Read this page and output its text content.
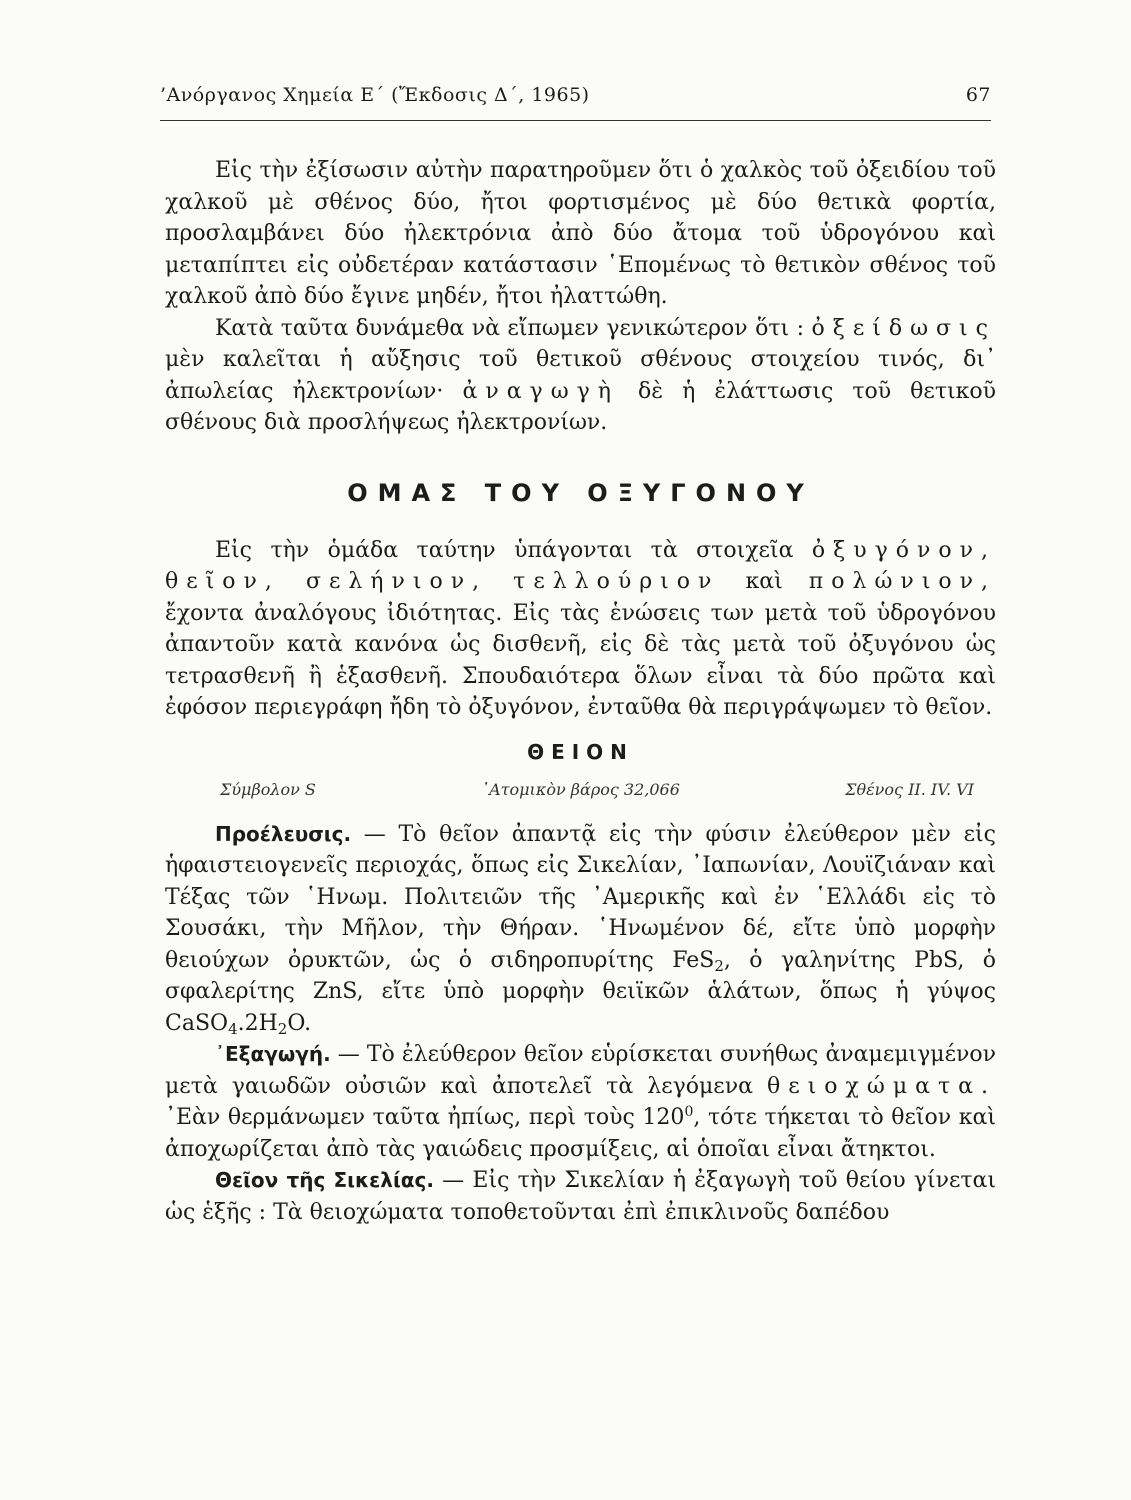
’Ανόργανος Χημεία Ε΄ (Ἔκδοσις Δ΄, 1965)	67

Εἰς τὴν ἐξίσωσιν αὐτὴν παρατηροῦμεν ὅτι ὁ χαλκὸς τοῦ ὀξειδίου τοῦ χαλκοῦ μὲ σθένος δύο, ἤτοι φορτισμένος μὲ δύο θετικὰ φορτία, προσλαμβάνει δύο ἠλεκτρόνια ἀπὸ δύο ἄτομα τοῦ ὑδρογόνου καὶ μεταπίπτει εἰς οὐδετέραν κατάστασιν ῾Επομένως τὸ θετικὸν σθένος τοῦ χαλκοῦ ἀπὸ δύο ἔγινε μηδέν, ἤτοι ἠλαττώθη.

Κατὰ ταῦτα δυνάμεθα νὰ εἴπωμεν γενικώτερον ὅτι : ὀξείδωσις μὲν καλεῖται ἡ αὔξησις τοῦ θετικοῦ σθένους στοιχείου τινός, δι᾿ ἀπωλείας ἠλεκτρονίων· ἀναγωγὴ δὲ ἡ ἐλάττωσις τοῦ θετικοῦ σθένους διὰ προσλήψεως ἠλεκτρονίων.

ΟΜΑΣ ΤΟΥ ΟΞΥΓΟΝΟΥ

Εἰς τὴν ὁμάδα ταύτην ὑπάγονται τὰ στοιχεῖα ὀξυγόνον, θεῖον, σελήνιον, τελλούριον καὶ πολώνιον, ἔχοντα ἀναλόγους ἰδιότητας. Εἰς τὰς ἑνώσεις των μετὰ τοῦ ὑδρογόνου ἀπαντοῦν κατὰ κανόνα ὡς δισθενῆ, εἰς δὲ τὰς μετὰ τοῦ ὀξυγόνου ὡς τετρασθενῆ ἢ ἑξασθενῆ. Σπουδαιότερα ὅλων εἶναι τὰ δύο πρῶτα καὶ ἐφόσον περιεγράφη ἤδη τὸ ὀξυγόνον, ἐνταῦθα θὰ περιγράψωμεν τὸ θεῖον.

ΘΕΙΟΝ
Σύμβολον S	᾿Ατομικὸν βάρος 32,066	Σθένος II. IV. VI

Προέλευσις. — Τὸ θεῖον ἀπαντᾷ εἰς τὴν φύσιν ἐλεύθερον μὲν εἰς ἡφαιστειογενεῖς περιοχάς, ὅπως εἰς Σικελίαν, ᾿Ιαπωνίαν, Λουϊζιάναν καὶ Τέξας τῶν ῾Ηνωμ. Πολιτειῶν τῆς ᾿Αμερικῆς καὶ ἐν ῾Ελλάδι εἰς τὸ Σουσάκι, τὴν Μῆλον, τὴν Θήραν. ῾Ηνωμένον δέ, εἴτε ὑπὸ μορφὴν θειούχων ὀρυκτῶν, ὡς ὁ σιδηροπυρίτης FeS$_2$, ὁ γαληνίτης PbS, ὁ σφαλερίτης ZnS, εἴτε ὑπὸ μορφὴν θειϊκῶν ἁλάτων, ὅπως ἡ γύψος $CaSO_4.2H_2O$.

᾿Εξαγωγή. — Τὸ ἐλεύθερον θεῖον εὑρίσκεται συνήθως ἀναμεμιγμένον μετὰ γαιωδῶν οὐσιῶν καὶ ἀποτελεῖ τὰ λεγόμενα θειοχώματα. ᾿Εὰν θερμάνωμεν ταῦτα ἠπίως, περὶ τοὺς $120^0$, τότε τήκεται τὸ θεῖον καὶ ἀποχωρίζεται ἀπὸ τὰς γαιώδεις προσμίξεις, αἱ ὁποῖαι εἶναι ἄτηκτοι.

Θεῖον τῆς Σικελίας. — Εἰς τὴν Σικελίαν ἡ ἐξαγωγὴ τοῦ θείου γίνεται ὡς ἑξῆς : Τὰ θειοχώματα τοποθετοῦνται ἐπὶ ἐπικλινοῦς δαπέδου
